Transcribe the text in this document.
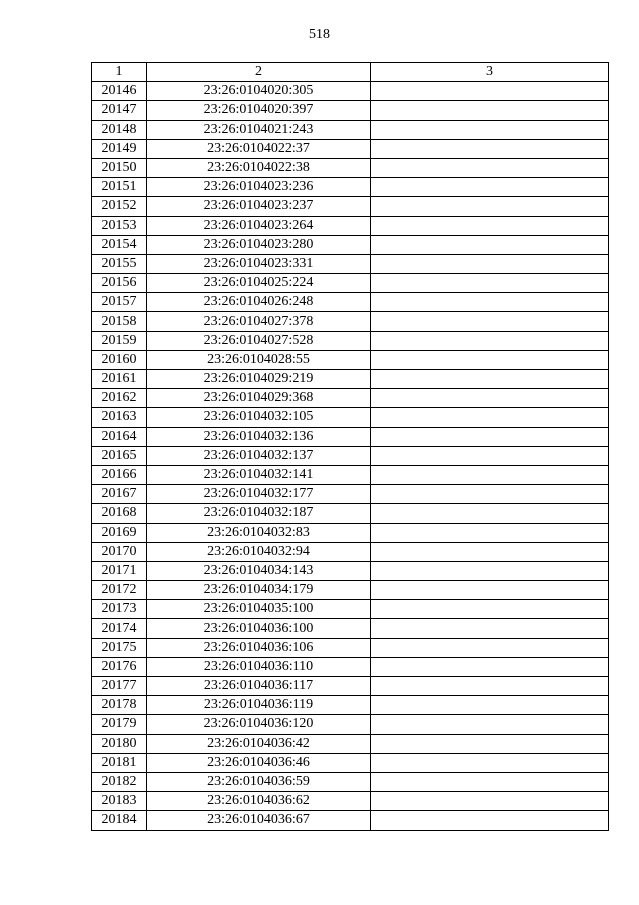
518
1	2	3
20146	23:26:0104020:305	
20147	23:26:0104020:397	
20148	23:26:0104021:243	
20149	23:26:0104022:37	
20150	23:26:0104022:38	
20151	23:26:0104023:236	
20152	23:26:0104023:237	
20153	23:26:0104023:264	
20154	23:26:0104023:280	
20155	23:26:0104023:331	
20156	23:26:0104025:224	
20157	23:26:0104026:248	
20158	23:26:0104027:378	
20159	23:26:0104027:528	
20160	23:26:0104028:55	
20161	23:26:0104029:219	
20162	23:26:0104029:368	
20163	23:26:0104032:105	
20164	23:26:0104032:136	
20165	23:26:0104032:137	
20166	23:26:0104032:141	
20167	23:26:0104032:177	
20168	23:26:0104032:187	
20169	23:26:0104032:83	
20170	23:26:0104032:94	
20171	23:26:0104034:143	
20172	23:26:0104034:179	
20173	23:26:0104035:100	
20174	23:26:0104036:100	
20175	23:26:0104036:106	
20176	23:26:0104036:110	
20177	23:26:0104036:117	
20178	23:26:0104036:119	
20179	23:26:0104036:120	
20180	23:26:0104036:42	
20181	23:26:0104036:46	
20182	23:26:0104036:59	
20183	23:26:0104036:62	
20184	23:26:0104036:67	
